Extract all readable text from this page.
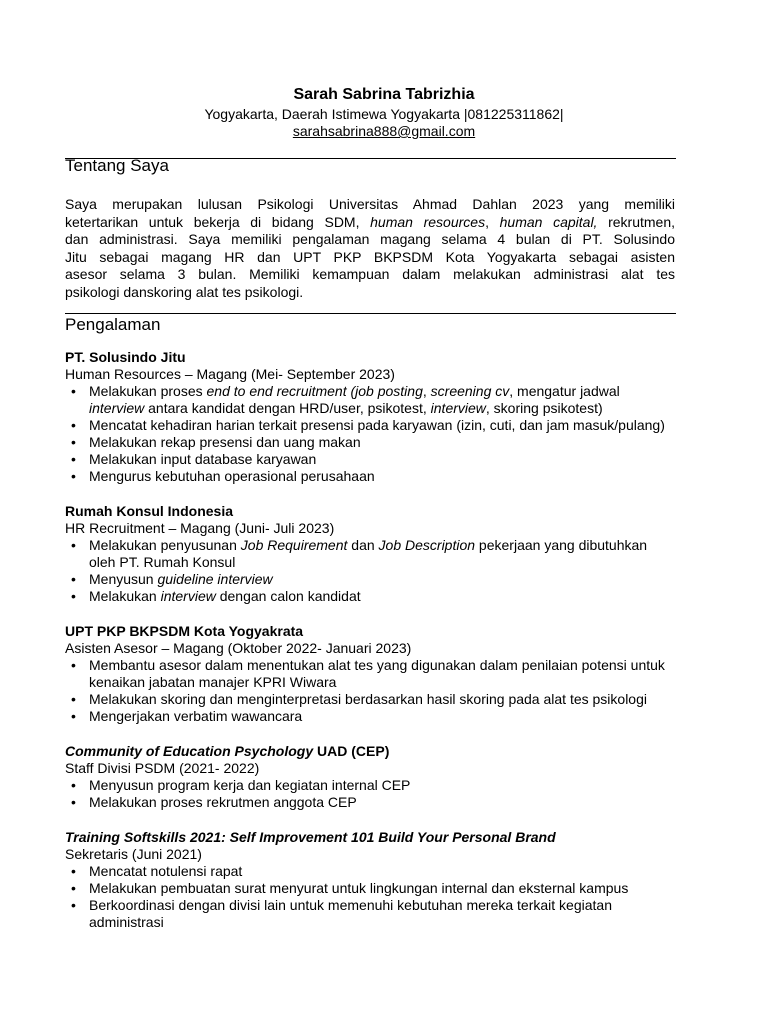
Sarah Sabrina Tabrizhia
Yogyakarta, Daerah Istimewa Yogyakarta |081225311862|
sarahsabrina888@gmail.com
Tentang Saya

Saya merupakan lulusan Psikologi Universitas Ahmad Dahlan 2023 yang memiliki
ketertarikan untuk bekerja di bidang SDM, human resources, human capital, rekrutmen,
dan administrasi. Saya memiliki pengalaman magang selama 4 bulan di PT. Solusindo
Jitu sebagai magang HR dan UPT PKP BKPSDM Kota Yogyakarta sebagai asisten
asesor selama 3 bulan. Memiliki kemampuan dalam melakukan administrasi alat tes
psikologi danskoring alat tes psikologi.

Pengalaman
PT. Solusindo Jitu
Human Resources – Magang (Mei- September 2023)
• Melakukan proses end to end recruitment (job posting, screening cv, mengatur jadwal interview antara kandidat dengan HRD/user, psikotest, interview, skoring psikotest)
• Mencatat kehadiran harian terkait presensi pada karyawan (izin, cuti, dan jam masuk/pulang)
• Melakukan rekap presensi dan uang makan
• Melakukan input database karyawan
• Mengurus kebutuhan operasional perusahaan
Rumah Konsul Indonesia
HR Recruitment – Magang (Juni- Juli 2023)
• Melakukan penyusunan Job Requirement dan Job Description pekerjaan yang dibutuhkan oleh PT. Rumah Konsul
• Menyusun guideline interview
• Melakukan interview dengan calon kandidat
UPT PKP BKPSDM Kota Yogyakrata
Asisten Asesor – Magang (Oktober 2022- Januari 2023)
• Membantu asesor dalam menentukan alat tes yang digunakan dalam penilaian potensi untuk kenaikan jabatan manajer KPRI Wiwara
• Melakukan skoring dan menginterpretasi berdasarkan hasil skoring pada alat tes psikologi
• Mengerjakan verbatim wawancara
Community of Education Psychology UAD (CEP)
Staff Divisi PSDM (2021- 2022)
• Menyusun program kerja dan kegiatan internal CEP
• Melakukan proses rekrutmen anggota CEP
Training Softskills 2021: Self Improvement 101 Build Your Personal Brand
Sekretaris (Juni 2021)
• Mencatat notulensi rapat
• Melakukan pembuatan surat menyurat untuk lingkungan internal dan eksternal kampus
• Berkoordinasi dengan divisi lain untuk memenuhi kebutuhan mereka terkait kegiatan administrasi
